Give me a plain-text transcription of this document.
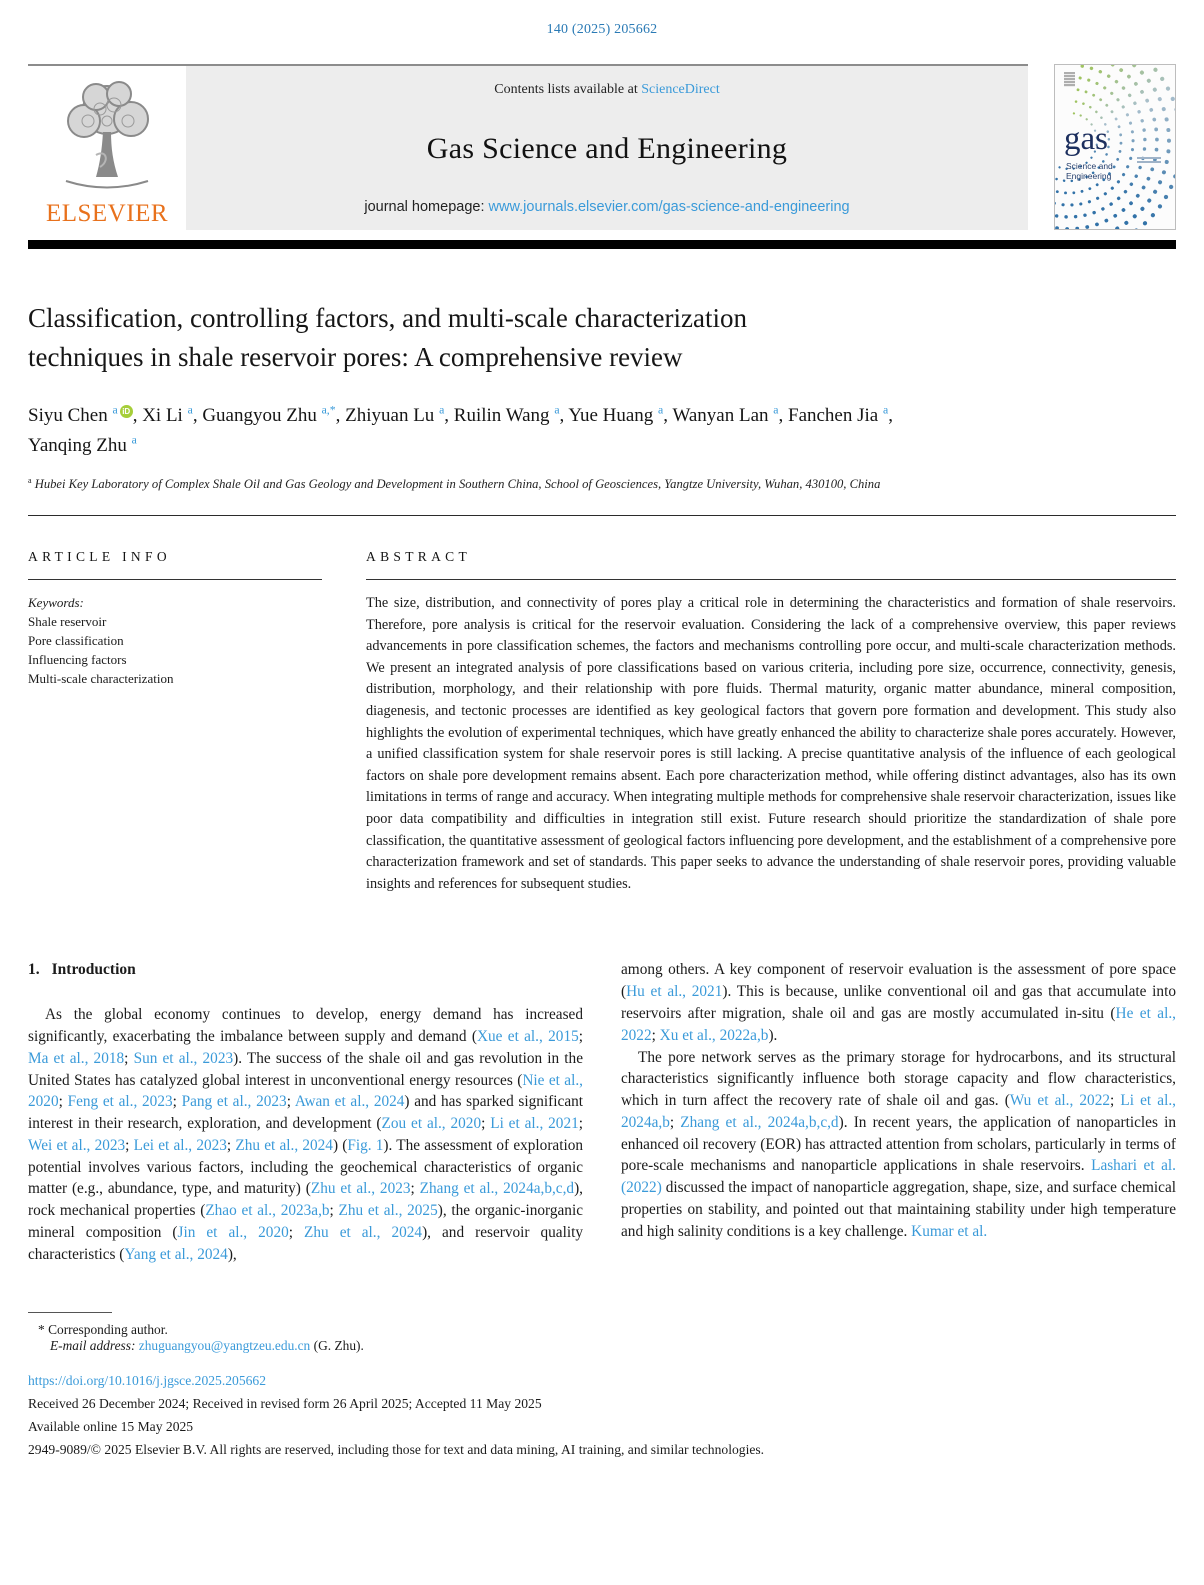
140 (2025) 205662
ELSEVIER
Contents lists available at ScienceDirect
Gas Science and Engineering
journal homepage: www.journals.elsevier.com/gas-science-and-engineering
gas
Science and
Engineering
Classification, controlling factors, and multi-scale characterization
techniques in shale reservoir pores: A comprehensive review
Siyu Chen $^a$ iD , Xi Li $^a$, Guangyou Zhu $^{a,*}$, Zhiyuan Lu $^a$, Ruilin Wang $^a$, Yue Huang $^a$, Wanyan Lan $^a$, Fanchen Jia $^a$, Yanqing Zhu $^a$
$^a$ Hubei Key Laboratory of Complex Shale Oil and Gas Geology and Development in Southern China, School of Geosciences, Yangtze University, Wuhan, 430100, China
ARTICLE INFO
Keywords:
Shale reservoir
Pore classification
Influencing factors
Multi-scale characterization
ABSTRACT
The size, distribution, and connectivity of pores play a critical role in determining the characteristics and formation of shale reservoirs. Therefore, pore analysis is critical for the reservoir evaluation. Considering the lack of a comprehensive overview, this paper reviews advancements in pore classification schemes, the factors and mechanisms controlling pore occur, and multi-scale characterization methods. We present an integrated analysis of pore classifications based on various criteria, including pore size, occurrence, connectivity, genesis, distribution, morphology, and their relationship with pore fluids. Thermal maturity, organic matter abundance, mineral composition, diagenesis, and tectonic processes are identified as key geological factors that govern pore formation and development. This study also highlights the evolution of experimental techniques, which have greatly enhanced the ability to characterize shale pores accurately. However, a unified classification system for shale reservoir pores is still lacking. A precise quantitative analysis of the influence of each geological factors on shale pore development remains absent. Each pore characterization method, while offering distinct advantages, also has its own limitations in terms of range and accuracy. When integrating multiple methods for comprehensive shale reservoir characterization, issues like poor data compatibility and difficulties in integration still exist. Future research should prioritize the standardization of shale pore classification, the quantitative assessment of geological factors influencing pore development, and the establishment of a comprehensive pore characterization framework and set of standards. This paper seeks to advance the understanding of shale reservoir pores, providing valuable insights and references for subsequent studies.
1. Introduction
As the global economy continues to develop, energy demand has increased significantly, exacerbating the imbalance between supply and demand (Xue et al., 2015; Ma et al., 2018; Sun et al., 2023). The success of the shale oil and gas revolution in the United States has catalyzed global interest in unconventional energy resources (Nie et al., 2020; Feng et al., 2023; Pang et al., 2023; Awan et al., 2024) and has sparked significant interest in their research, exploration, and development (Zou et al., 2020; Li et al., 2021; Wei et al., 2023; Lei et al., 2023; Zhu et al., 2024) (Fig. 1). The assessment of exploration potential involves various factors, including the geochemical characteristics of organic matter (e.g., abundance, type, and maturity) (Zhu et al., 2023; Zhang et al., 2024a,b,c,d), rock mechanical properties (Zhao et al., 2023a,b; Zhu et al., 2025), the organic-inorganic mineral composition (Jin et al., 2020; Zhu et al., 2024), and reservoir quality characteristics (Yang et al., 2024),
among others. A key component of reservoir evaluation is the assessment of pore space (Hu et al., 2021). This is because, unlike conventional oil and gas that accumulate into reservoirs after migration, shale oil and gas are mostly accumulated in-situ (He et al., 2022; Xu et al., 2022a,b).
The pore network serves as the primary storage for hydrocarbons, and its structural characteristics significantly influence both storage capacity and flow characteristics, which in turn affect the recovery rate of shale oil and gas. (Wu et al., 2022; Li et al., 2024a,b; Zhang et al., 2024a,b,c,d). In recent years, the application of nanoparticles in enhanced oil recovery (EOR) has attracted attention from scholars, particularly in terms of pore-scale mechanisms and nanoparticle applications in shale reservoirs. Lashari et al. (2022) discussed the impact of nanoparticle aggregation, shape, size, and surface chemical properties on stability, and pointed out that maintaining stability under high temperature and high salinity conditions is a key challenge. Kumar et al.
* Corresponding author.
E-mail address: zhuguangyou@yangtzeu.edu.cn (G. Zhu).
https://doi.org/10.1016/j.jgsce.2025.205662
Received 26 December 2024; Received in revised form 26 April 2025; Accepted 11 May 2025
Available online 15 May 2025
2949-9089/© 2025 Elsevier B.V. All rights are reserved, including those for text and data mining, AI training, and similar technologies.
